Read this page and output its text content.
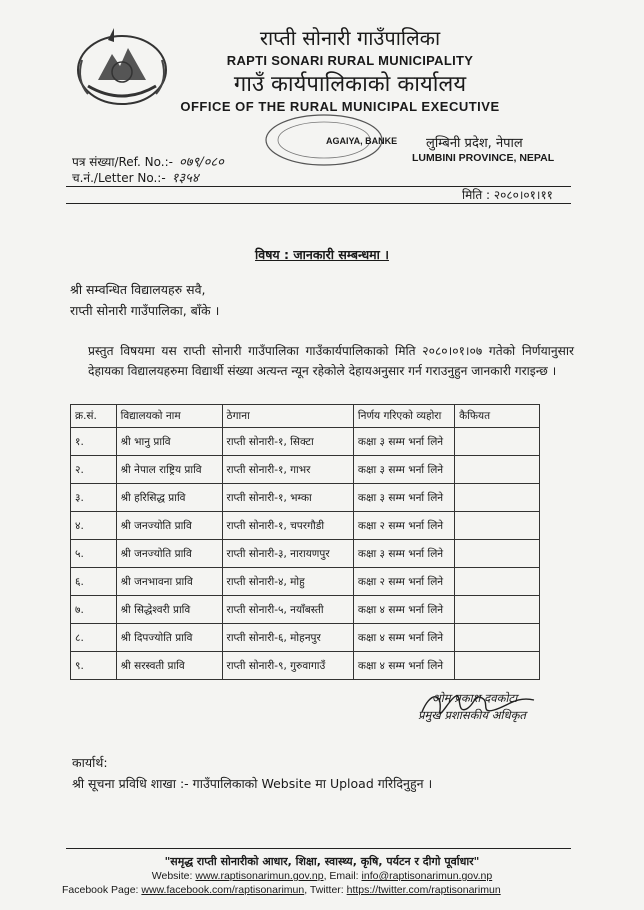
राप्ती सोनारी गाउँपालिका
RAPTI SONARI RURAL MUNICIPALITY
गाउँ कार्यपालिकाको कार्यालय
OFFICE OF THE RURAL MUNICIPAL EXECUTIVE
AGAIYA, BANKE लुम्बिनी प्रदेश, नेपाल
LUMBINI PROVINCE, NEPAL
पत्र संख्या/Ref. No.:- ०७९/०८०
च.नं./Letter No.:- १३५४
मिति : २०८०।०१।११
विषय : जानकारी सम्बन्धमा ।
श्री सम्वन्धित विद्यालयहरु सवै,
राप्ती सोनारी गाउँपालिका, बाँके ।
प्रस्तुत विषयमा यस राप्ती सोनारी गाउँपालिका गाउँकार्यपालिकाको मिति २०८०।०१।०७ गतेको निर्णयानुसार देहायका विद्यालयहरुमा विद्यार्थी संख्या अत्यन्त न्यून रहेकोले देहायअनुसार गर्न गराउनुहुन जानकारी गराइन्छ ।
क्र.सं.	विद्यालयको नाम	ठेगाना	निर्णय गरिएको व्यहोरा	कैफियत
१.	श्री भानु प्रावि	राप्ती सोनारी-१, सिक्टा	कक्षा ३ सम्म भर्ना लिने	
२.	श्री नेपाल राष्ट्रिय प्रावि	राप्ती सोनारी-१, गाभर	कक्षा ३ सम्म भर्ना लिने	
३.	श्री हरिसिद्ध प्रावि	राप्ती सोनारी-१, भम्का	कक्षा ३ सम्म भर्ना लिने	
४.	श्री जनज्योति प्रावि	राप्ती सोनारी-१, चपरगौडी	कक्षा २ सम्म भर्ना लिने	
५.	श्री जनज्योति प्रावि	राप्ती सोनारी-३, नारायणपुर	कक्षा ३ सम्म भर्ना लिने	
६.	श्री जनभावना प्रावि	राप्ती सोनारी-४, मोहु	कक्षा २ सम्म भर्ना लिने	
७.	श्री सिद्धेश्वरी प्रावि	राप्ती सोनारी-५, नयाँबस्ती	कक्षा ४ सम्म भर्ना लिने	
८.	श्री दिपज्योति प्रावि	राप्ती सोनारी-६, मोहनपुर	कक्षा ४ सम्म भर्ना लिने	
९.	श्री सरस्वती प्रावि	राप्ती सोनारी-९, गुरुवागाउँ	कक्षा ४ सम्म भर्ना लिने	
ओम प्रकाश दवकोटा
प्रमुख प्रशासकीय अधिकृत
कार्यार्थ:
श्री सूचना प्रविधि शाखा :- गाउँपालिकाको Website मा Upload गरिदिनुहुन ।
"समृद्ध राप्ती सोनारीको आधार, शिक्षा, स्वास्थ्य, कृषि, पर्यटन र दीगो पूर्वाधार"
Website: www.raptisonarimun.gov.np, Email: info@raptisonarimun.gov.np
Facebook Page: www.facebook.com/raptisonarimun, Twitter: https://twitter.com/raptisonarimun
